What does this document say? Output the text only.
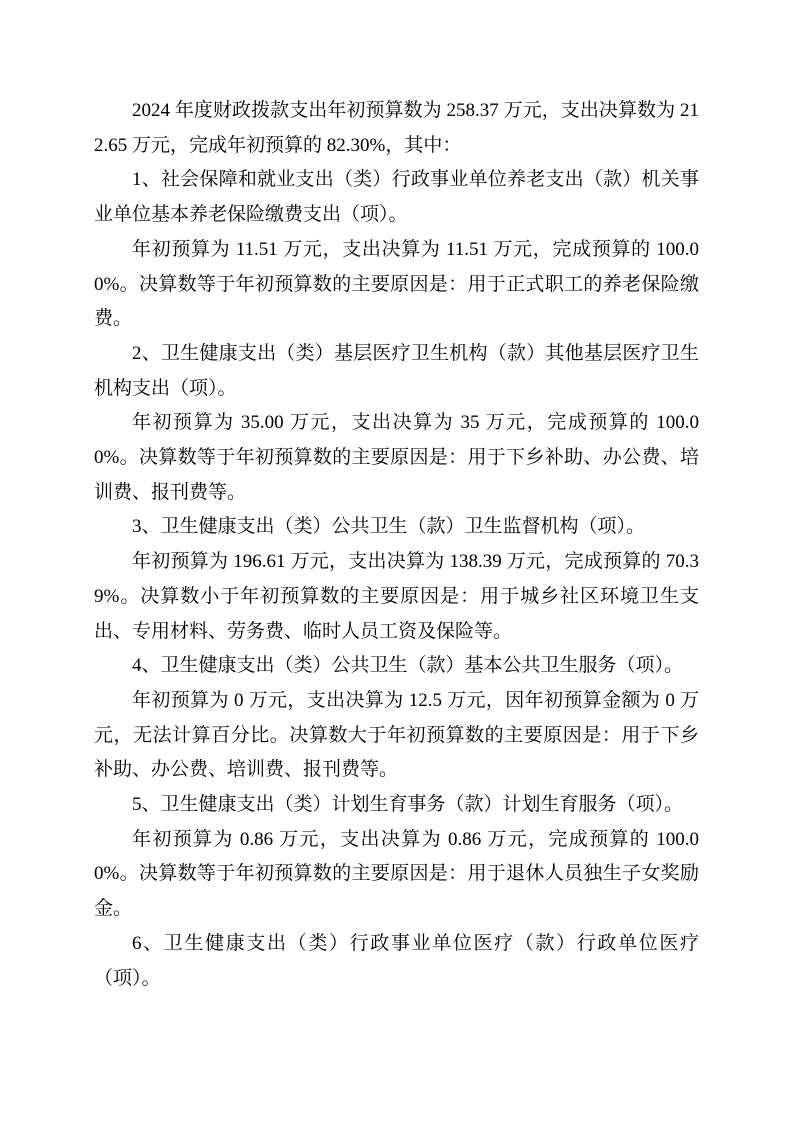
2024 年度财政拨款支出年初预算数为 258.37 万元，支出决算数为 212.65 万元，完成年初预算的 82.30%，其中：

1、社会保障和就业支出（类）行政事业单位养老支出（款）机关事业单位基本养老保险缴费支出（项）。

年初预算为 11.51 万元，支出决算为 11.51 万元，完成预算的 100.00%。决算数等于年初预算数的主要原因是：用于正式职工的养老保险缴费。

2、卫生健康支出（类）基层医疗卫生机构（款）其他基层医疗卫生机构支出（项）。

年初预算为 35.00 万元，支出决算为 35 万元，完成预算的 100.00%。决算数等于年初预算数的主要原因是：用于下乡补助、办公费、培训费、报刊费等。

3、卫生健康支出（类）公共卫生（款）卫生监督机构（项）。

年初预算为 196.61 万元，支出决算为 138.39 万元，完成预算的 70.39%。决算数小于年初预算数的主要原因是：用于城乡社区环境卫生支出、专用材料、劳务费、临时人员工资及保险等。

4、卫生健康支出（类）公共卫生（款）基本公共卫生服务（项）。

年初预算为 0 万元，支出决算为 12.5 万元，因年初预算金额为 0 万元，无法计算百分比。决算数大于年初预算数的主要原因是：用于下乡补助、办公费、培训费、报刊费等。

5、卫生健康支出（类）计划生育事务（款）计划生育服务（项）。

年初预算为 0.86 万元，支出决算为 0.86 万元，完成预算的 100.00%。决算数等于年初预算数的主要原因是：用于退休人员独生子女奖励金。

6、卫生健康支出（类）行政事业单位医疗（款）行政单位医疗（项）。
